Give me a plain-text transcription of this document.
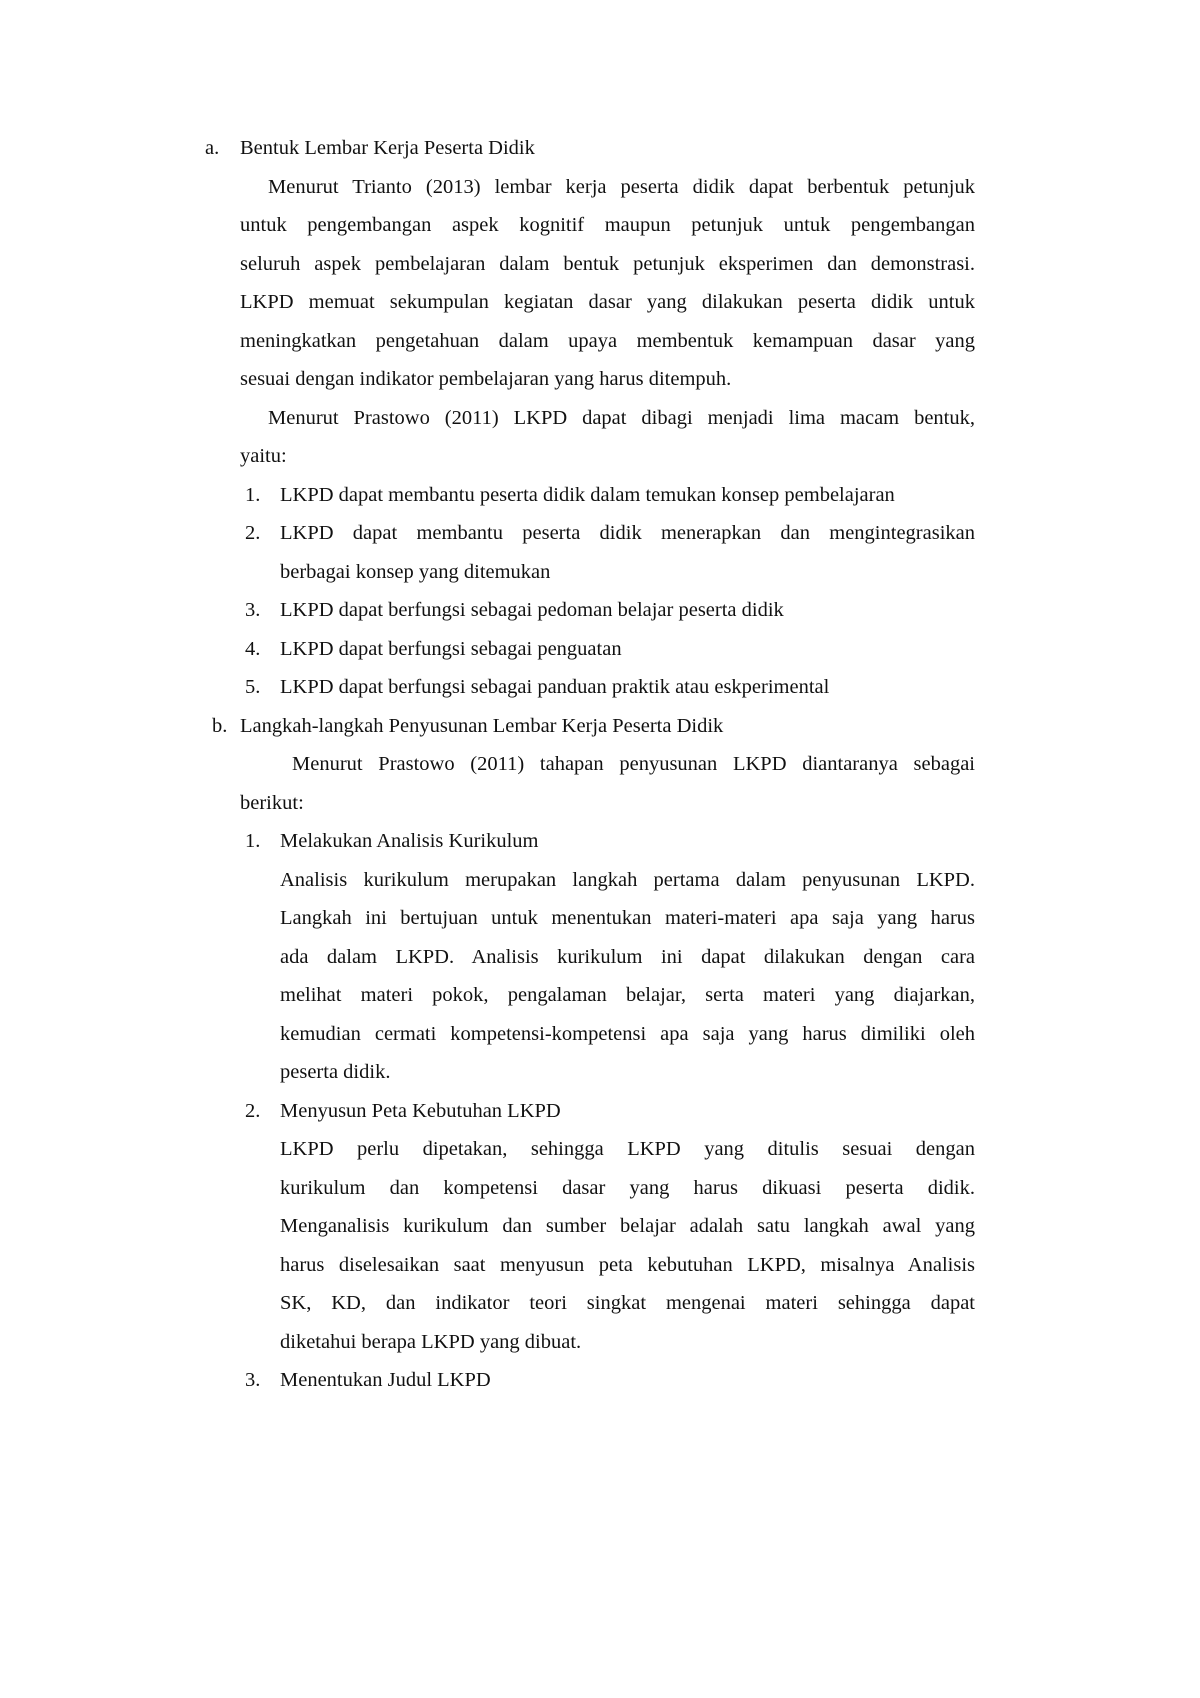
a. Bentuk Lembar Kerja Peserta Didik
Menurut Trianto (2013) lembar kerja peserta didik dapat berbentuk petunjuk
untuk pengembangan aspek kognitif maupun petunjuk untuk pengembangan
seluruh aspek pembelajaran dalam bentuk petunjuk eksperimen dan demonstrasi.
LKPD memuat sekumpulan kegiatan dasar yang dilakukan peserta didik untuk
meningkatkan pengetahuan dalam upaya membentuk kemampuan dasar yang
sesuai dengan indikator pembelajaran yang harus ditempuh.
Menurut Prastowo (2011) LKPD dapat dibagi menjadi lima macam bentuk,
yaitu:
1. LKPD dapat membantu peserta didik dalam temukan konsep pembelajaran
2. LKPD dapat membantu peserta didik menerapkan dan mengintegrasikan
berbagai konsep yang ditemukan
3. LKPD dapat berfungsi sebagai pedoman belajar peserta didik
4. LKPD dapat berfungsi sebagai penguatan
5. LKPD dapat berfungsi sebagai panduan praktik atau eskperimental
b. Langkah-langkah Penyusunan Lembar Kerja Peserta Didik
Menurut Prastowo (2011) tahapan penyusunan LKPD diantaranya sebagai
berikut:
1. Melakukan Analisis Kurikulum
Analisis kurikulum merupakan langkah pertama dalam penyusunan LKPD.
Langkah ini bertujuan untuk menentukan materi-materi apa saja yang harus
ada dalam LKPD. Analisis kurikulum ini dapat dilakukan dengan cara
melihat materi pokok, pengalaman belajar, serta materi yang diajarkan,
kemudian cermati kompetensi-kompetensi apa saja yang harus dimiliki oleh
peserta didik.
2. Menyusun Peta Kebutuhan LKPD
LKPD perlu dipetakan, sehingga LKPD yang ditulis sesuai dengan
kurikulum dan kompetensi dasar yang harus dikuasi peserta didik.
Menganalisis kurikulum dan sumber belajar adalah satu langkah awal yang
harus diselesaikan saat menyusun peta kebutuhan LKPD, misalnya Analisis
SK, KD, dan indikator teori singkat mengenai materi sehingga dapat
diketahui berapa LKPD yang dibuat.
3. Menentukan Judul LKPD
